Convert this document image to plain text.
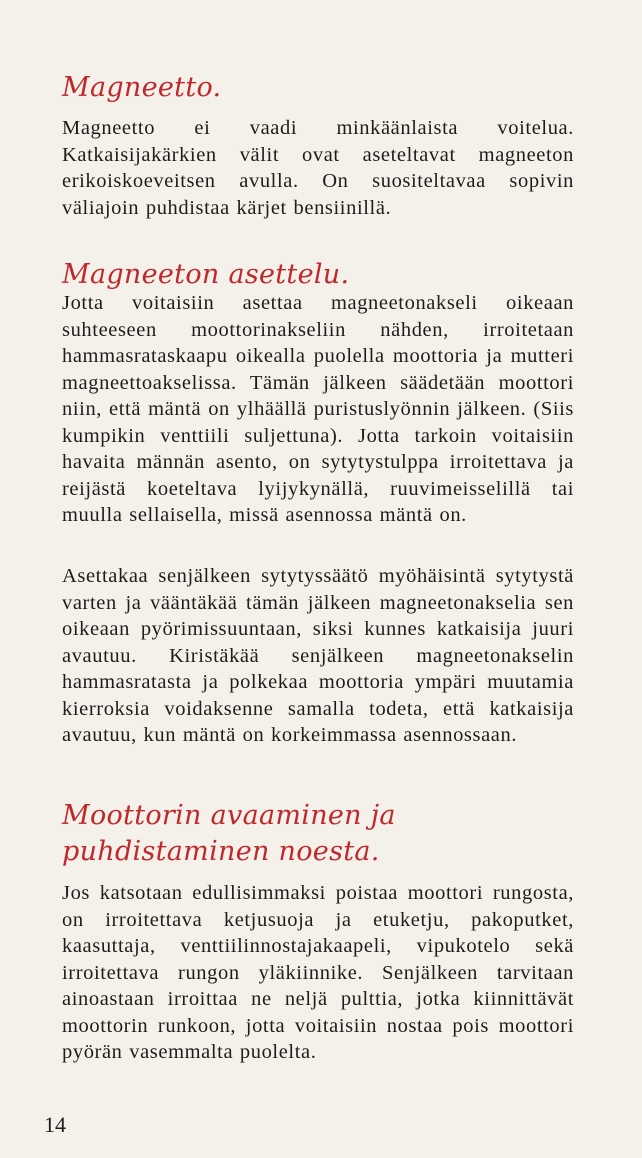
Magneetto.

Magneetto ei vaadi minkäänlaista voitelua. Katkaisijakärkien välit ovat aseteltavat magneeton erikoiskoeveitsen avulla. On suositeltavaa sopivin väliajoin puhdistaa kärjet bensiinillä.

Magneeton asettelu.

Jotta voitaisiin asettaa magneetonakseli oikeaan suhteeseen moottorinakseliin nähden, irroitetaan hammasrataskaapu oikealla puolella moottoria ja mutteri magneettoakselissa. Tämän jälkeen säädetään moottori niin, että mäntä on ylhäällä puristuslyönnin jälkeen. (Siis kumpikin venttiili suljettuna). Jotta tarkoin voitaisiin havaita männän asento, on sytytystulppa irroitettava ja reijästä koeteltava lyijykynällä, ruuvimeisselillä tai muulla sellaisella, missä asennossa mäntä on.

Asettakaa senjälkeen sytytyssäätö myöhäisintä sytytystä varten ja vääntäkää tämän jälkeen magneetonakselia sen oikeaan pyörimissuuntaan, siksi kunnes katkaisija juuri avautuu. Kiristäkää senjälkeen magneetonakselin hammasratasta ja polkekaa moottoria ympäri muutamia kierroksia voidaksenne samalla todeta, että katkaisija avautuu, kun mäntä on korkeimmassa asennossaan.

Moottorin avaaminen ja puhdistaminen noesta.

Jos katsotaan edullisimmaksi poistaa moottori rungosta, on irroitettava ketjusuoja ja etuketju, pakoputket, kaasuttaja, venttiilinnostajakaapeli, vipukotelo sekä irroitettava rungon yläkiinnike. Senjälkeen tarvitaan ainoastaan irroittaa ne neljä pulttia, jotka kiinnittävät moottorin runkoon, jotta voitaisiin nostaa pois moottori pyörän vasemmalta puolelta.

14
